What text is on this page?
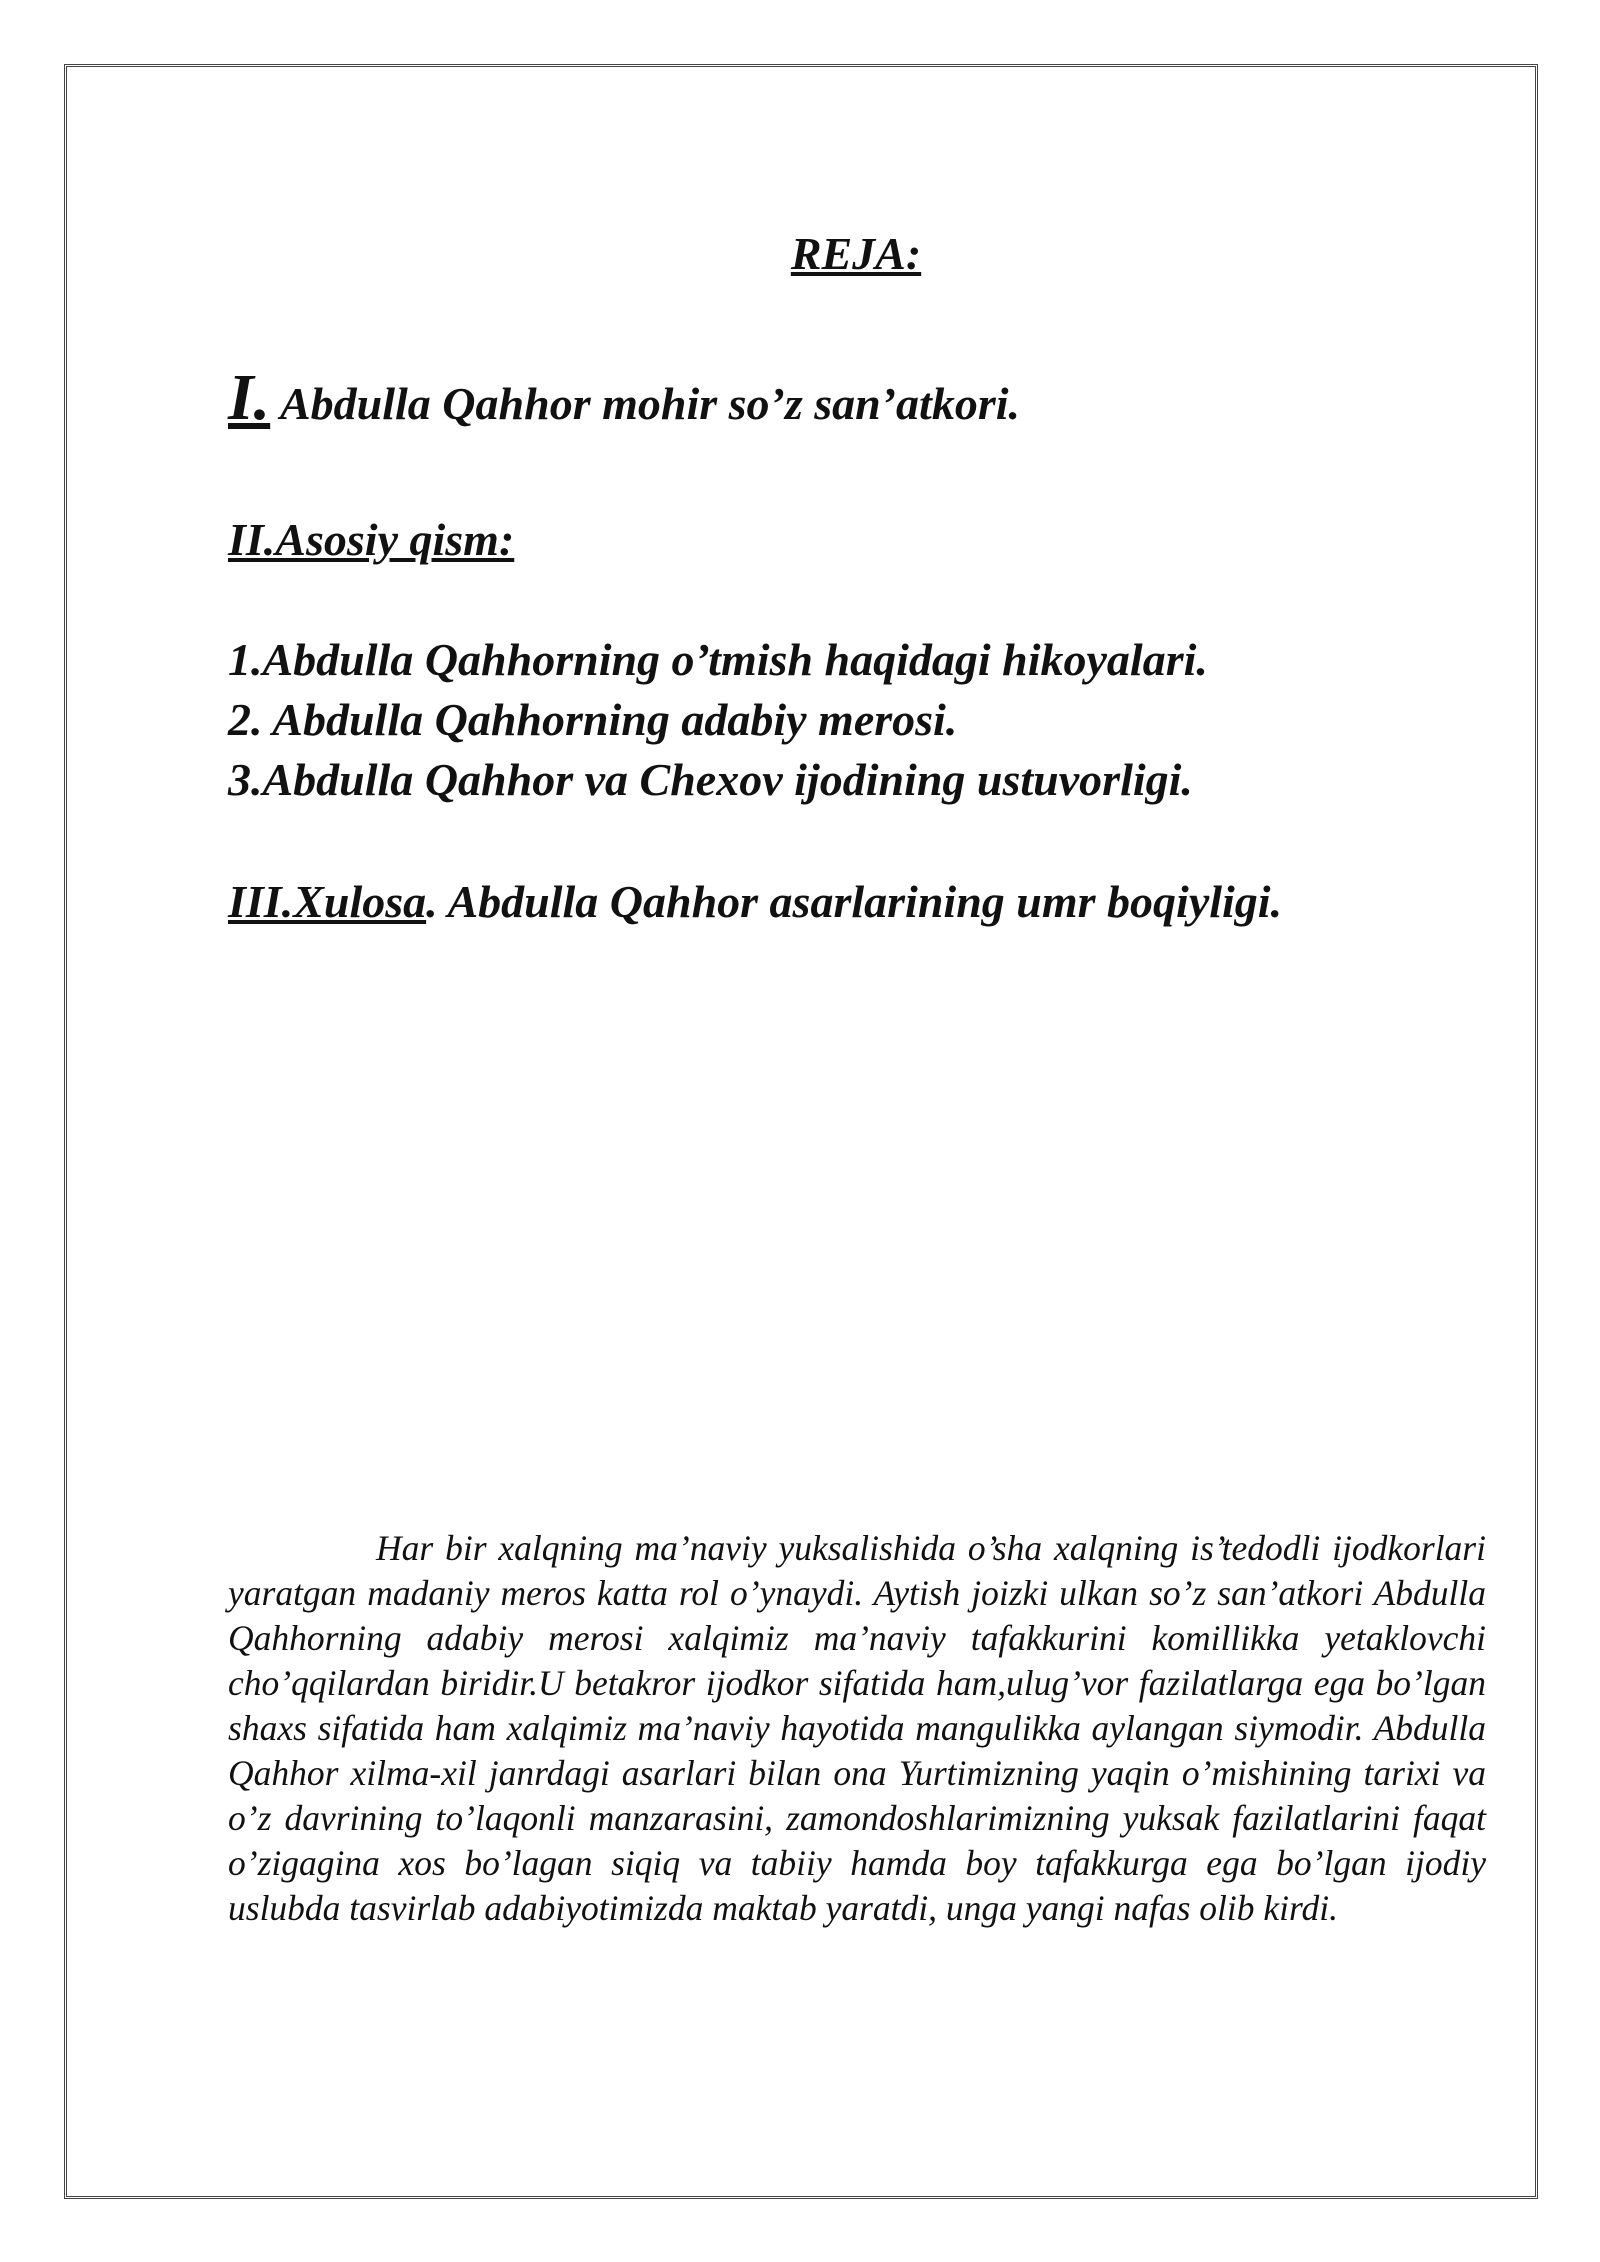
REJA:
I. Abdulla Qahhor mohir so’z san’atkori.
II.Asosiy qism:
1.Abdulla Qahhorning o’tmish haqidagi hikoyalari.
2. Abdulla Qahhorning adabiy merosi.
3.Abdulla Qahhor va Chexov ijodining ustuvorligi.
III.Xulosa. Abdulla Qahhor asarlarining umr boqiyligi.

Har bir xalqning ma’naviy yuksalishida o’sha xalqning is’tedodli ijodkorlari yaratgan madaniy meros katta rol o’ynaydi. Aytish joizki ulkan so’z san’atkori Abdulla Qahhorning adabiy merosi xalqimiz ma’naviy tafakkurini komillikka yetaklovchi cho’qqilardan biridir.U betakror ijodkor sifatida ham,ulug’vor fazilatlarga ega bo’lgan shaxs sifatida ham xalqimiz ma’naviy hayotida mangulikka aylangan siymodir. Abdulla Qahhor xilma-xil janrdagi asarlari bilan ona Yurtimizning yaqin o’mishining tarixi va o’z davrining to’laqonli manzarasini, zamondoshlarimizning yuksak fazilatlarini faqat o’zigagina xos bo’lagan siqiq va tabiiy hamda boy tafakkurga ega bo’lgan ijodiy uslubda tasvirlab adabiyotimizda maktab yaratdi, unga yangi nafas olib kirdi.
